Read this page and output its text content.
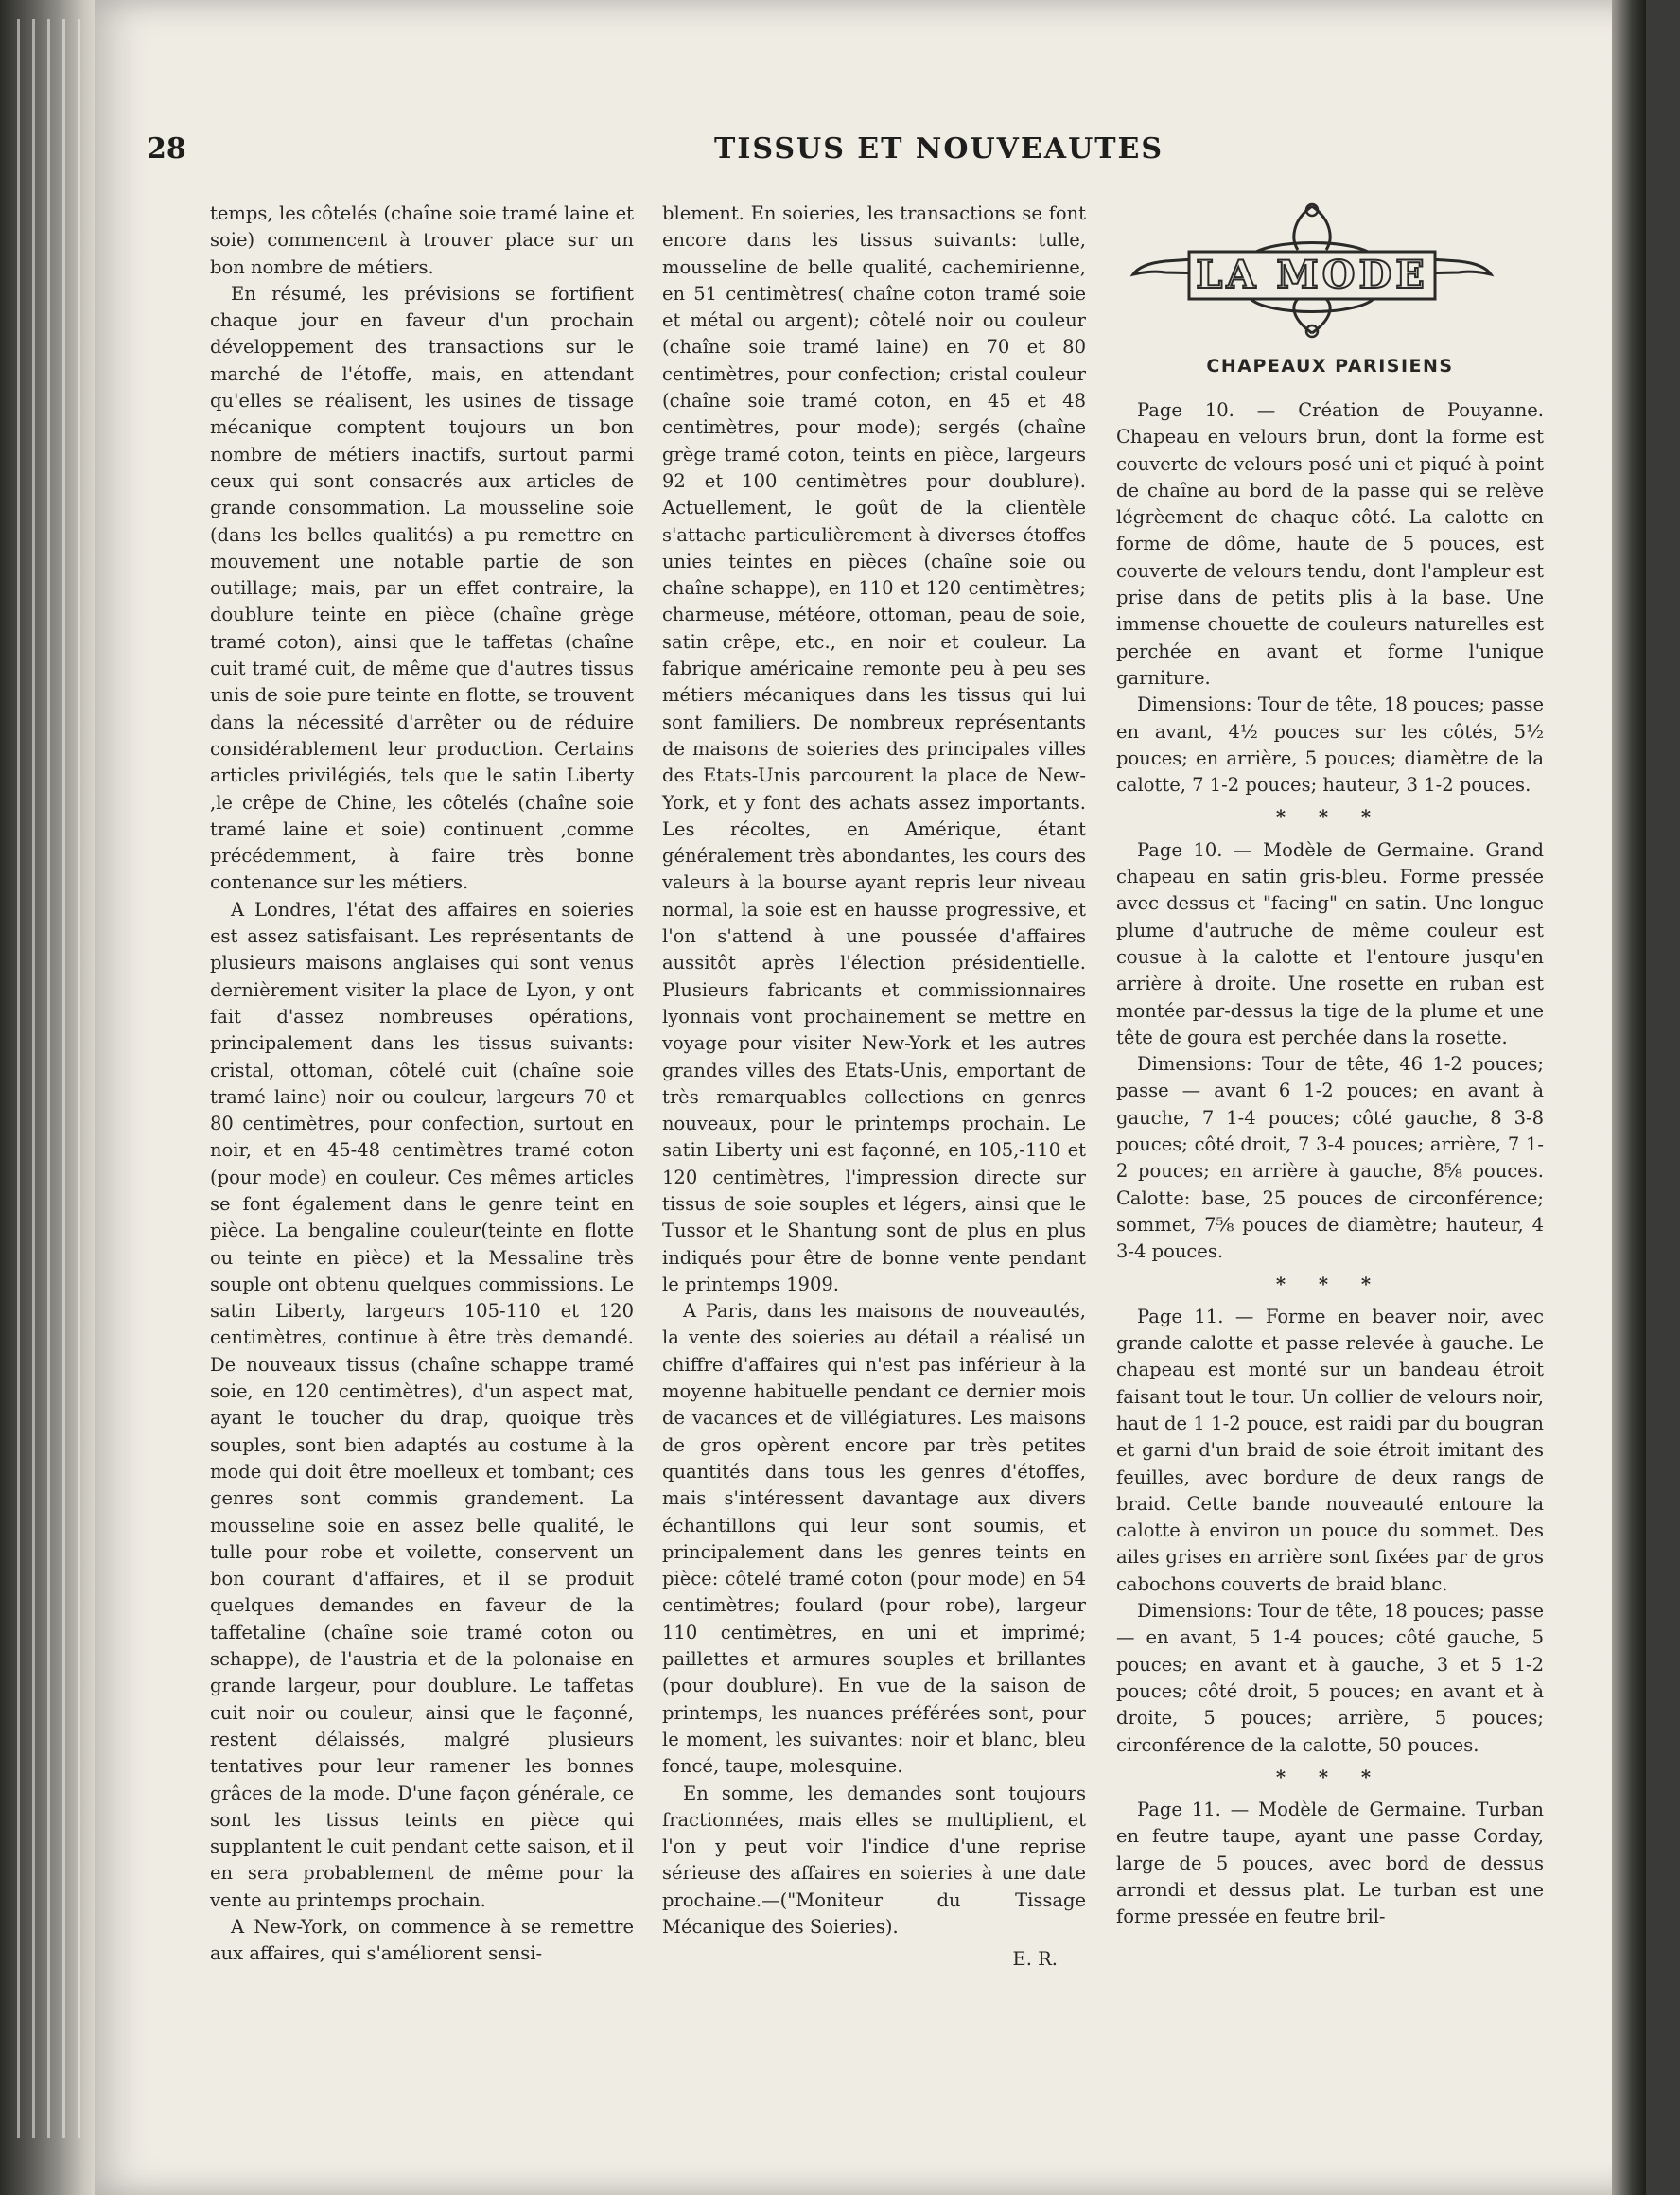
28	TISSUS ET NOUVEAUTES

temps, les côtelés (chaîne soie tramé laine et soie) commencent à trouver place sur un bon nombre de métiers.

En résumé, les prévisions se fortifient chaque jour en faveur d'un prochain développement des transactions sur le marché de l'étoffe, mais, en attendant qu'elles se réalisent, les usines de tissage mécanique comptent toujours un bon nombre de métiers inactifs, surtout parmi ceux qui sont consacrés aux articles de grande consommation. La mousseline soie (dans les belles qualités) a pu remettre en mouvement une notable partie de son outillage; mais, par un effet contraire, la doublure teinte en pièce (chaîne grège tramé coton), ainsi que le taffetas (chaîne cuit tramé cuit, de même que d'autres tissus unis de soie pure teinte en flotte, se trouvent dans la nécessité d'arrêter ou de réduire considérablement leur production. Certains articles privilégiés, tels que le satin Liberty ,le crêpe de Chine, les côtelés (chaîne soie tramé laine et soie) continuent ,comme précédemment, à faire très bonne contenance sur les métiers.

A Londres, l'état des affaires en soieries est assez satisfaisant. Les représentants de plusieurs maisons anglaises qui sont venus dernièrement visiter la place de Lyon, y ont fait d'assez nombreuses opérations, principalement dans les tissus suivants: cristal, ottoman, côtelé cuit (chaîne soie tramé laine) noir ou couleur, largeurs 70 et 80 centimètres, pour confection, surtout en noir, et en 45-48 centimètres tramé coton (pour mode) en couleur. Ces mêmes articles se font également dans le genre teint en pièce. La bengaline couleur(teinte en flotte ou teinte en pièce) et la Messaline très souple ont obtenu quelques commissions. Le satin Liberty, largeurs 105-110 et 120 centimètres, continue à être très demandé. De nouveaux tissus (chaîne schappe tramé soie, en 120 centimètres), d'un aspect mat, ayant le toucher du drap, quoique très souples, sont bien adaptés au costume à la mode qui doit être moelleux et tombant; ces genres sont commis grandement. La mousseline soie en assez belle qualité, le tulle pour robe et voilette, conservent un bon courant d'affaires, et il se produit quelques demandes en faveur de la taffetaline (chaîne soie tramé coton ou schappe), de l'austria et de la polonaise en grande largeur, pour doublure. Le taffetas cuit noir ou couleur, ainsi que le façonné, restent délaissés, malgré plusieurs tentatives pour leur ramener les bonnes grâces de la mode. D'une façon générale, ce sont les tissus teints en pièce qui supplantent le cuit pendant cette saison, et il en sera probablement de même pour la vente au printemps prochain.

A New-York, on commence à se remettre aux affaires, qui s'améliorent sensi-

blement. En soieries, les transactions se font encore dans les tissus suivants: tulle, mousseline de belle qualité, cachemirienne, en 51 centimètres( chaîne coton tramé soie et métal ou argent); côtelé noir ou couleur (chaîne soie tramé laine) en 70 et 80 centimètres, pour confection; cristal couleur (chaîne soie tramé coton, en 45 et 48 centimètres, pour mode); sergés (chaîne grège tramé coton, teints en pièce, largeurs 92 et 100 centimètres pour doublure). Actuellement, le goût de la clientèle s'attache particulièrement à diverses étoffes unies teintes en pièces (chaîne soie ou chaîne schappe), en 110 et 120 centimètres; charmeuse, météore, ottoman, peau de soie, satin crêpe, etc., en noir et couleur. La fabrique américaine remonte peu à peu ses métiers mécaniques dans les tissus qui lui sont familiers. De nombreux représentants de maisons de soieries des principales villes des Etats-Unis parcourent la place de New-York, et y font des achats assez importants. Les récoltes, en Amérique, étant généralement très abondantes, les cours des valeurs à la bourse ayant repris leur niveau normal, la soie est en hausse progressive, et l'on s'attend à une poussée d'affaires aussitôt après l'élection présidentielle. Plusieurs fabricants et commissionnaires lyonnais vont prochainement se mettre en voyage pour visiter New-York et les autres grandes villes des Etats-Unis, emportant de très remarquables collections en genres nouveaux, pour le printemps prochain. Le satin Liberty uni est façonné, en 105,-110 et 120 centimètres, l'impression directe sur tissus de soie souples et légers, ainsi que le Tussor et le Shantung sont de plus en plus indiqués pour être de bonne vente pendant le printemps 1909.

A Paris, dans les maisons de nouveautés, la vente des soieries au détail a réalisé un chiffre d'affaires qui n'est pas inférieur à la moyenne habituelle pendant ce dernier mois de vacances et de villégiatures. Les maisons de gros opèrent encore par très petites quantités dans tous les genres d'étoffes, mais s'intéressent davantage aux divers échantillons qui leur sont soumis, et principalement dans les genres teints en pièce: côtelé tramé coton (pour mode) en 54 centimètres; foulard (pour robe), largeur 110 centimètres, en uni et imprimé; paillettes et armures souples et brillantes (pour doublure). En vue de la saison de printemps, les nuances préférées sont, pour le moment, les suivantes: noir et blanc, bleu foncé, taupe, molesquine.

En somme, les demandes sont toujours fractionnées, mais elles se multiplient, et l'on y peut voir l'indice d'une reprise sérieuse des affaires en soieries à une date prochaine.—("Moniteur du Tissage Mécanique des Soieries).

E. R.

LA MODE
CHAPEAUX PARISIENS

Page 10. — Création de Pouyanne. Chapeau en velours brun, dont la forme est couverte de velours posé uni et piqué à point de chaîne au bord de la passe qui se relève légrèement de chaque côté. La calotte en forme de dôme, haute de 5 pouces, est couverte de velours tendu, dont l'ampleur est prise dans de petits plis à la base. Une immense chouette de couleurs naturelles est perchée en avant et forme l'unique garniture.

Dimensions: Tour de tête, 18 pouces; passe en avant, 4½ pouces sur les côtés, 5½ pouces; en arrière, 5 pouces; diamètre de la calotte, 7 1-2 pouces; hauteur, 3 1-2 pouces.

* * *

Page 10. — Modèle de Germaine. Grand chapeau en satin gris-bleu. Forme pressée avec dessus et "facing" en satin. Une longue plume d'autruche de même couleur est cousue à la calotte et l'entoure jusqu'en arrière à droite. Une rosette en ruban est montée par-dessus la tige de la plume et une tête de goura est perchée dans la rosette.

Dimensions: Tour de tête, 46 1-2 pouces; passe — avant 6 1-2 pouces; en avant à gauche, 7 1-4 pouces; côté gauche, 8 3-8 pouces; côté droit, 7 3-4 pouces; arrière, 7 1-2 pouces; en arrière à gauche, 8⅝ pouces. Calotte: base, 25 pouces de circonférence; sommet, 7⅝ pouces de diamètre; hauteur, 4 3-4 pouces.

* * *

Page 11. — Forme en beaver noir, avec grande calotte et passe relevée à gauche. Le chapeau est monté sur un bandeau étroit faisant tout le tour. Un collier de velours noir, haut de 1 1-2 pouce, est raidi par du bougran et garni d'un braid de soie étroit imitant des feuilles, avec bordure de deux rangs de braid. Cette bande nouveauté entoure la calotte à environ un pouce du sommet. Des ailes grises en arrière sont fixées par de gros cabochons couverts de braid blanc.

Dimensions: Tour de tête, 18 pouces; passe — en avant, 5 1-4 pouces; côté gauche, 5 pouces; en avant et à gauche, 3 et 5 1-2 pouces; côté droit, 5 pouces; en avant et à droite, 5 pouces; arrière, 5 pouces; circonférence de la calotte, 50 pouces.

* * *

Page 11. — Modèle de Germaine. Turban en feutre taupe, ayant une passe Corday, large de 5 pouces, avec bord de dessus arrondi et dessus plat. Le turban est une forme pressée en feutre bril-
